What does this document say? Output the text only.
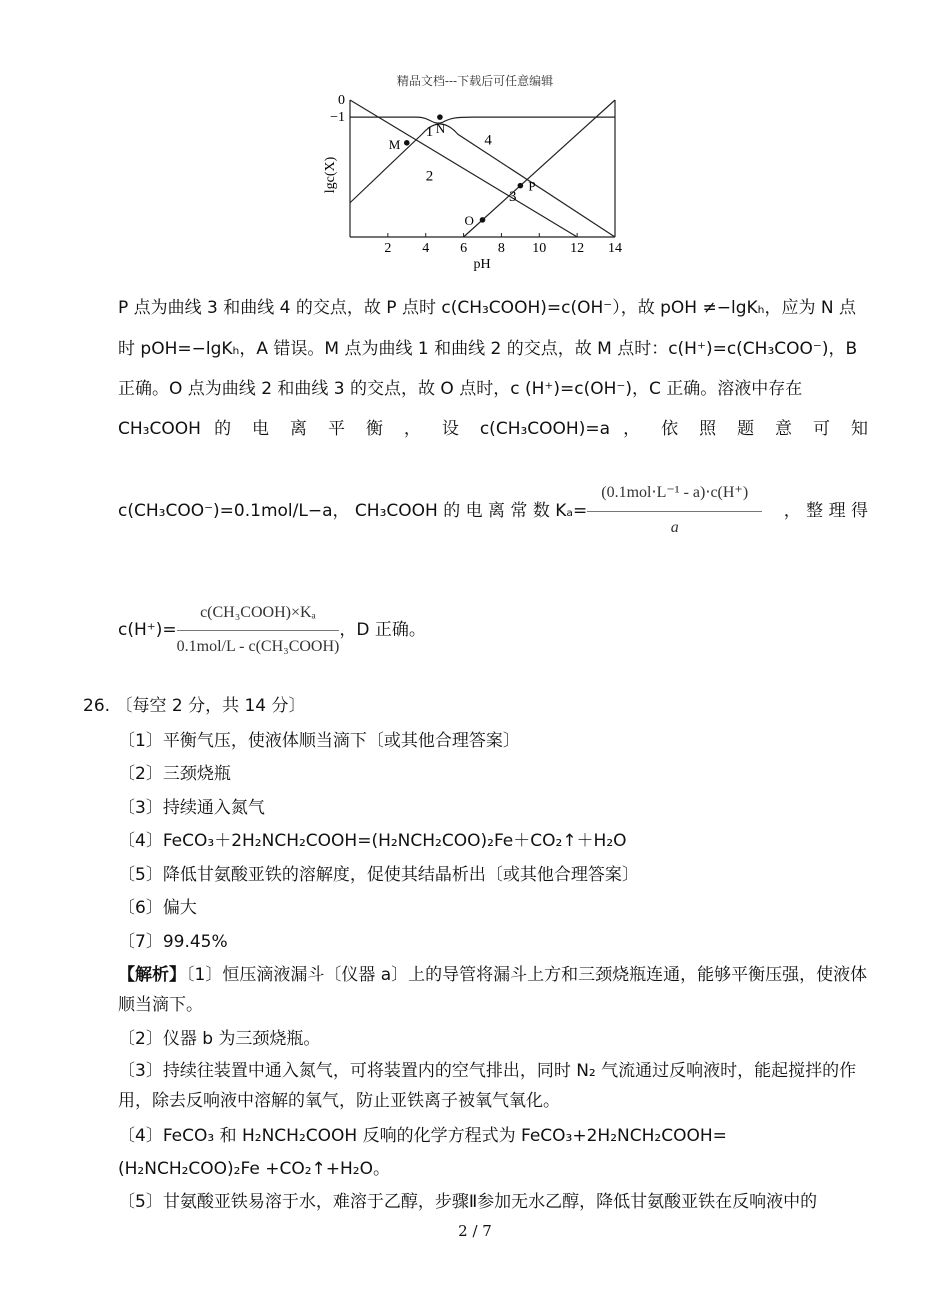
精品文档---下载后可任意编辑
2 4 6 8 10 12 14
0
−1
M
N
O
P
lgc(X)
pH
1
2
3
4
P 点为曲线 3 和曲线 4 的交点，故 P 点时 c(CH₃COOH)=c(OH⁻），故 pOH ≠−lgKₕ，应为 N 点
时 pOH=−lgKₕ，A 错误。M 点为曲线 1 和曲线 2 的交点，故 M 点时：c(H⁺)=c(CH₃COO⁻)，B
正确。O 点为曲线 2 和曲线 3 的交点，故 O 点时，c (H⁺)=c(OH⁻)，C 正确。溶液中存在
CH₃COOH 的 电 离 平 衡 ， 设 c(CH₃COOH)=a ， 依 照 题 意 可 知
c(CH₃COO⁻)=0.1mol/L−a， CH₃COOH 的 电 离 常 数 $K_a= \frac{\text{(0.1mol⋅L⁻¹ - a)⋅c(H⁺)}}{a}$ ， 整 理 得
$c(H^+)= \frac{\text{c(CH₃COOH)×Kₐ}}{\text{0.1mol/L - c(CH₃COOH)}}$ ，D 正确。
26. 〔每空 2 分，共 14 分〕
〔1〕平衡气压，使液体顺当滴下〔或其他合理答案〕
〔2〕三颈烧瓶
〔3〕持续通入氮气
〔4〕FeCO₃＋2H₂NCH₂COOH=(H₂NCH₂COO)₂Fe＋CO₂↑＋H₂O
〔5〕降低甘氨酸亚铁的溶解度，促使其结晶析出〔或其他合理答案〕
〔6〕偏大
〔7〕99.45%
【解析】〔1〕恒压滴液漏斗〔仪器 a〕上的导管将漏斗上方和三颈烧瓶连通，能够平衡压强，使液体顺当滴下。
〔2〕仪器 b 为三颈烧瓶。
〔3〕持续往装置中通入氮气，可将装置内的空气排出，同时 N₂ 气流通过反响液时，能起搅拌的作用，除去反响液中溶解的氧气，防止亚铁离子被氧气氧化。
〔4〕FeCO₃ 和 H₂NCH₂COOH 反响的化学方程式为 FeCO₃+2H₂NCH₂COOH=
(H₂NCH₂COO)₂Fe +CO₂↑+H₂O。
〔5〕甘氨酸亚铁易溶于水，难溶于乙醇，步骤Ⅱ参加无水乙醇，降低甘氨酸亚铁在反响液中的
2 / 7
